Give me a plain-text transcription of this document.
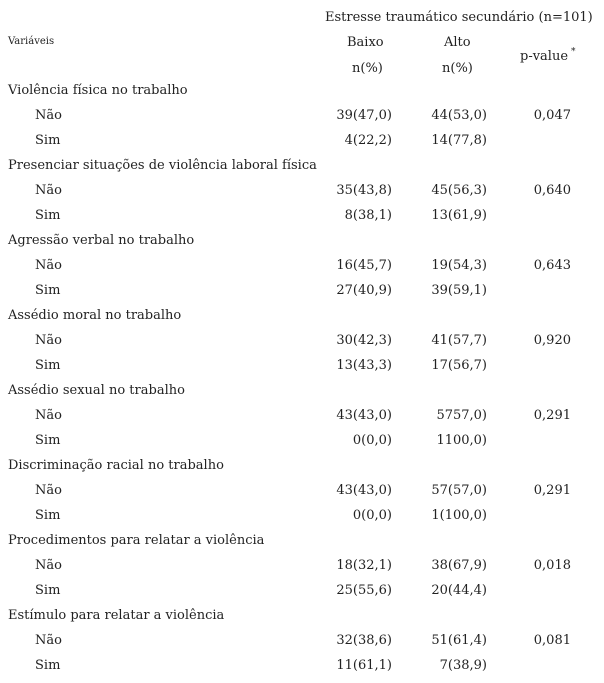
Estresse traumático secundário (n=101)
Variáveis	Baixo	Alto
n(%)	n(%)
p-value *
Violência física no trabalho
Não	39(47,0)	44(53,0)	0,047
Sim	4(22,2)	14(77,8)
Presenciar situações de violência laboral física
Não	35(43,8)	45(56,3)	0,640
Sim	8(38,1)	13(61,9)
Agressão verbal no trabalho
Não	16(45,7)	19(54,3)	0,643
Sim	27(40,9)	39(59,1)
Assédio moral no trabalho
Não	30(42,3)	41(57,7)	0,920
Sim	13(43,3)	17(56,7)
Assédio sexual no trabalho
Não	43(43,0)	5757,0)	0,291
Sim	0(0,0)	1100,0)
Discriminação racial no trabalho
Não	43(43,0)	57(57,0)	0,291
Sim	0(0,0)	1(100,0)
Procedimentos para relatar a violência
Não	18(32,1)	38(67,9)	0,018
Sim	25(55,6)	20(44,4)
Estímulo para relatar a violência
Não	32(38,6)	51(61,4)	0,081
Sim	11(61,1)	7(38,9)
